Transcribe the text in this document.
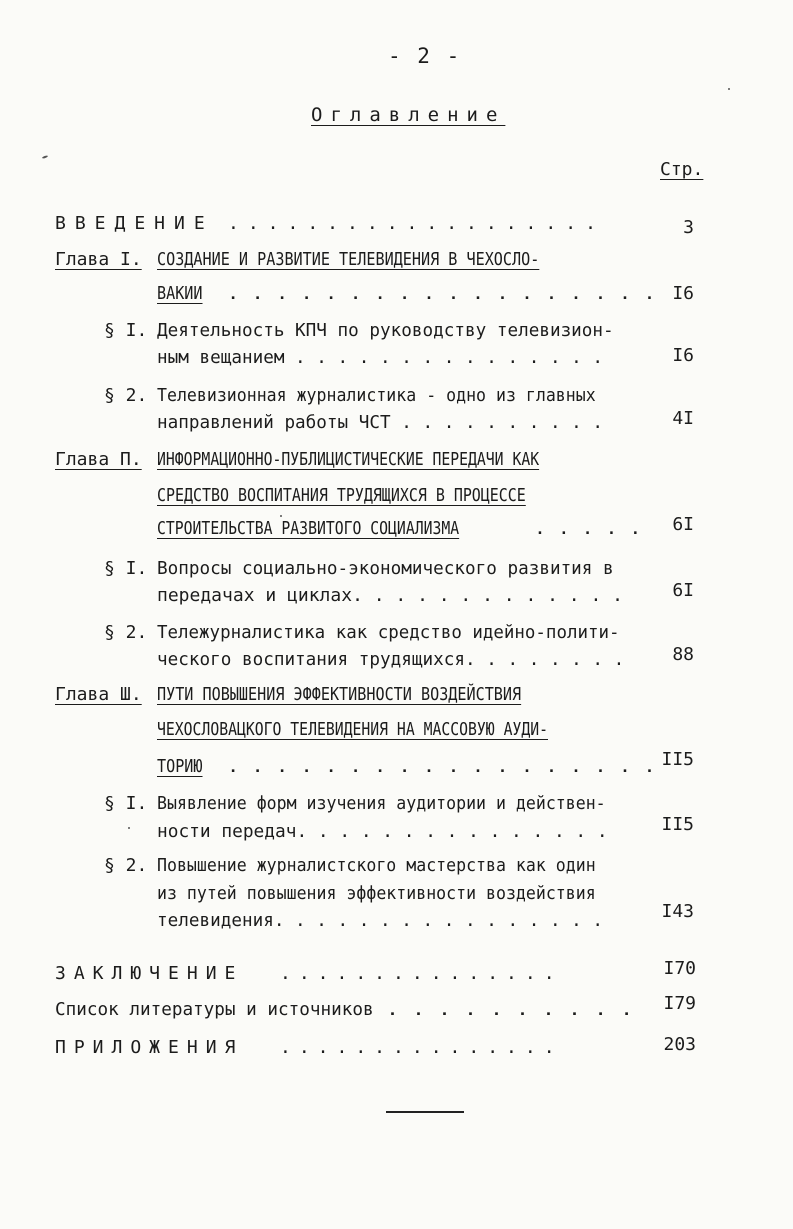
- 2 -
Оглавление
Стр.
ВВЕДЕНИЕ ...................	3
Глава I. СОЗДАНИЕ И РАЗВИТИЕ ТЕЛЕВИДЕНИЯ В ЧЕХОСЛО-
ВАКИИ . . . . . . . . . . . . . . . . . . I6
§ I. Деятельность КПЧ по руководству телевизион-
ным вещанием . . . . . . . . . . . . . . .	I6
§ 2. Телевизионная журналистика - одно из главных
направлений работы ЧСТ . . . . . . . . . .	4I
Глава П. ИНФОРМАЦИОННО-ПУБЛИЦИСТИЧЕСКИЕ ПЕРЕДАЧИ КАК
СРЕДСТВО ВОСПИТАНИЯ ТРУДЯЩИХСЯ В ПРОЦЕССЕ
СТРОИТЕЛЬСТВА РАЗВИТОГО СОЦИАЛИЗМА	. . . . .	6I
§ I. Вопросы социально-экономического развития в
передачах и циклах. . . . . . . . . . . . .	6I
§ 2. Тележурналистика как средство идейно-полити-
ческого воспитания трудящихся. . . . . . . .	88
Глава Ш. ПУТИ ПОВЫШЕНИЯ ЭФФЕКТИВНОСТИ ВОЗДЕЙСТВИЯ
ЧЕХОСЛОВАЦКОГО ТЕЛЕВИДЕНИЯ НА МАССОВУЮ АУДИ-
ТОРИЮ . . . . . . . . . . . . . . . . . . II5
§ I. Выявление форм изучения аудитории и действен-
ности передач. . . . . . . . . . . . . . .	II5
§ 2. Повышение журналистского мастерства как один
из путей повышения эффективности воздействия
телевидения. . . . . . . . . . . . . . . .	I43
ЗАКЛЮЧЕНИЕ ...............	I70
Список литературы и источников . . . . . . . . . .	I79
ПРИЛОЖЕНИЯ ...............	203
